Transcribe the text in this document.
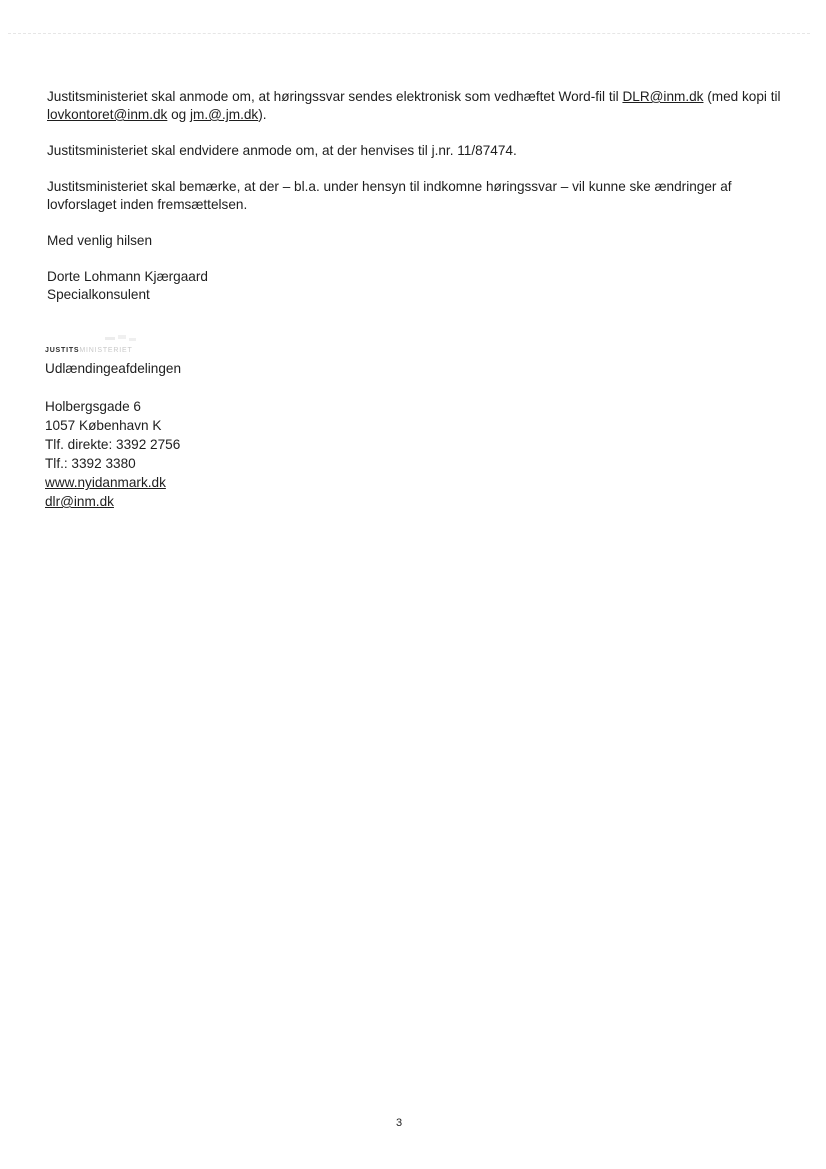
Justitsministeriet skal anmode om, at høringssvar sendes elektronisk som vedhæftet Word-fil til DLR@inm.dk (med kopi til lovkontoret@inm.dk og jm.@.jm.dk).

Justitsministeriet skal endvidere anmode om, at der henvises til j.nr. 11/87474.

Justitsministeriet skal bemærke, at der – bl.a. under hensyn til indkomne høringssvar – vil kunne ske ændringer af lovforslaget inden fremsættelsen.

Med venlig hilsen

Dorte Lohmann Kjærgaard

Specialkonsulent

JUSTITSMINISTERIET
Udlændingeafdelingen
Holbergsgade 6
1057 København K
Tlf. direkte: 3392 2756
Tlf.: 3392 3380
www.nyidanmark.dk
dlr@inm.dk
3
